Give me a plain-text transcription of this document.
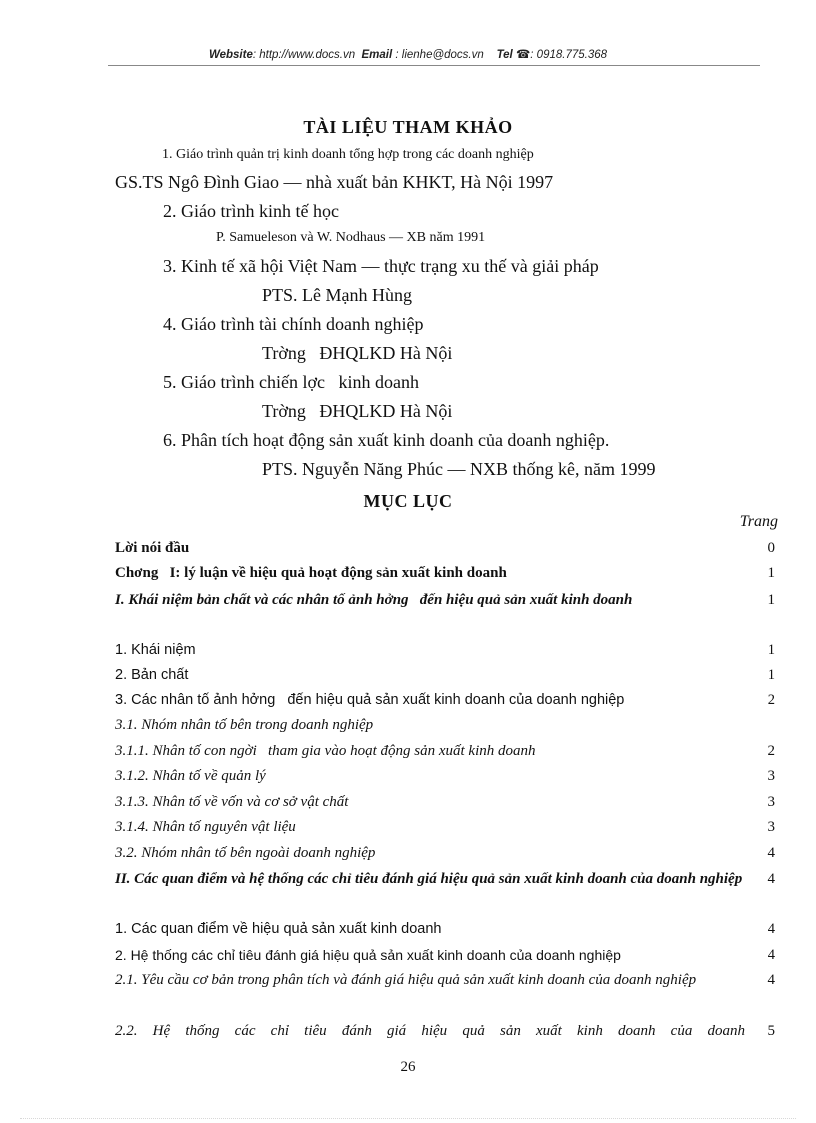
Website: http://www.docs.vn Email : lienhe@docs.vn Tel ☎: 0918.775.368
TÀI LIỆU THAM KHẢO
1. Giáo trình quản trị kinh doanh tổng hợp trong các doanh nghiệp
GS.TS Ngô Đình Giao — nhà xuất bản KHKT, Hà Nội 1997
2. Giáo trình kinh tế học
P. Samueleson và W. Nodhaus — XB năm 1991
3. Kinh tế xã hội Việt Nam — thực trạng xu thế và giải pháp
PTS. Lê Mạnh Hùng
4. Giáo trình tài chính doanh nghiệp
Trờng   ĐHQLKD Hà Nội
5. Giáo trình chiến lợc   kinh doanh
Trờng   ĐHQLKD Hà Nội
6. Phân tích hoạt động sản xuất kinh doanh của doanh nghiệp.
PTS. Nguyễn Năng Phúc — NXB thống kê, năm 1999
MỤC LỤC
Trang
Lời nói đầu	0
Chơng   I: lý luận về hiệu quả hoạt động sản xuất kinh doanh	1
I. Khái niệm bản chất và các nhân tố ảnh hởng   đến hiệu quả sản xuất kinh doanh	1
1. Khái niệm	1
2. Bản chất	1
3. Các nhân tố ảnh hởng   đến hiệu quả sản xuất kinh doanh của doanh nghiệp	2
3.1. Nhóm nhân tố bên trong doanh nghiệp
3.1.1. Nhân tố con ngời   tham gia vào hoạt động sản xuất kinh doanh	2
3.1.2. Nhân tố về quản lý	3
3.1.3. Nhân tố về vốn và cơ sở vật chất	3
3.1.4. Nhân tố nguyên vật liệu	3
3.2. Nhóm nhân tố bên ngoài doanh nghiệp	4
II. Các quan điểm và hệ thống các chỉ tiêu đánh giá hiệu quả sản xuất kinh doanh của doanh nghiệp	4
1. Các quan điểm về hiệu quả sản xuất kinh doanh	4
2. Hệ thống các chỉ tiêu đánh giá hiệu quả sản xuất kinh doanh của doanh nghiệp	4
2.1. Yêu cầu cơ bản trong phân tích và đánh giá hiệu quả sản xuất kinh doanh của doanh nghiệp	4
2.2. Hệ thống các chỉ tiêu đánh giá hiệu quả sản xuất kinh doanh của doanh	5
26
